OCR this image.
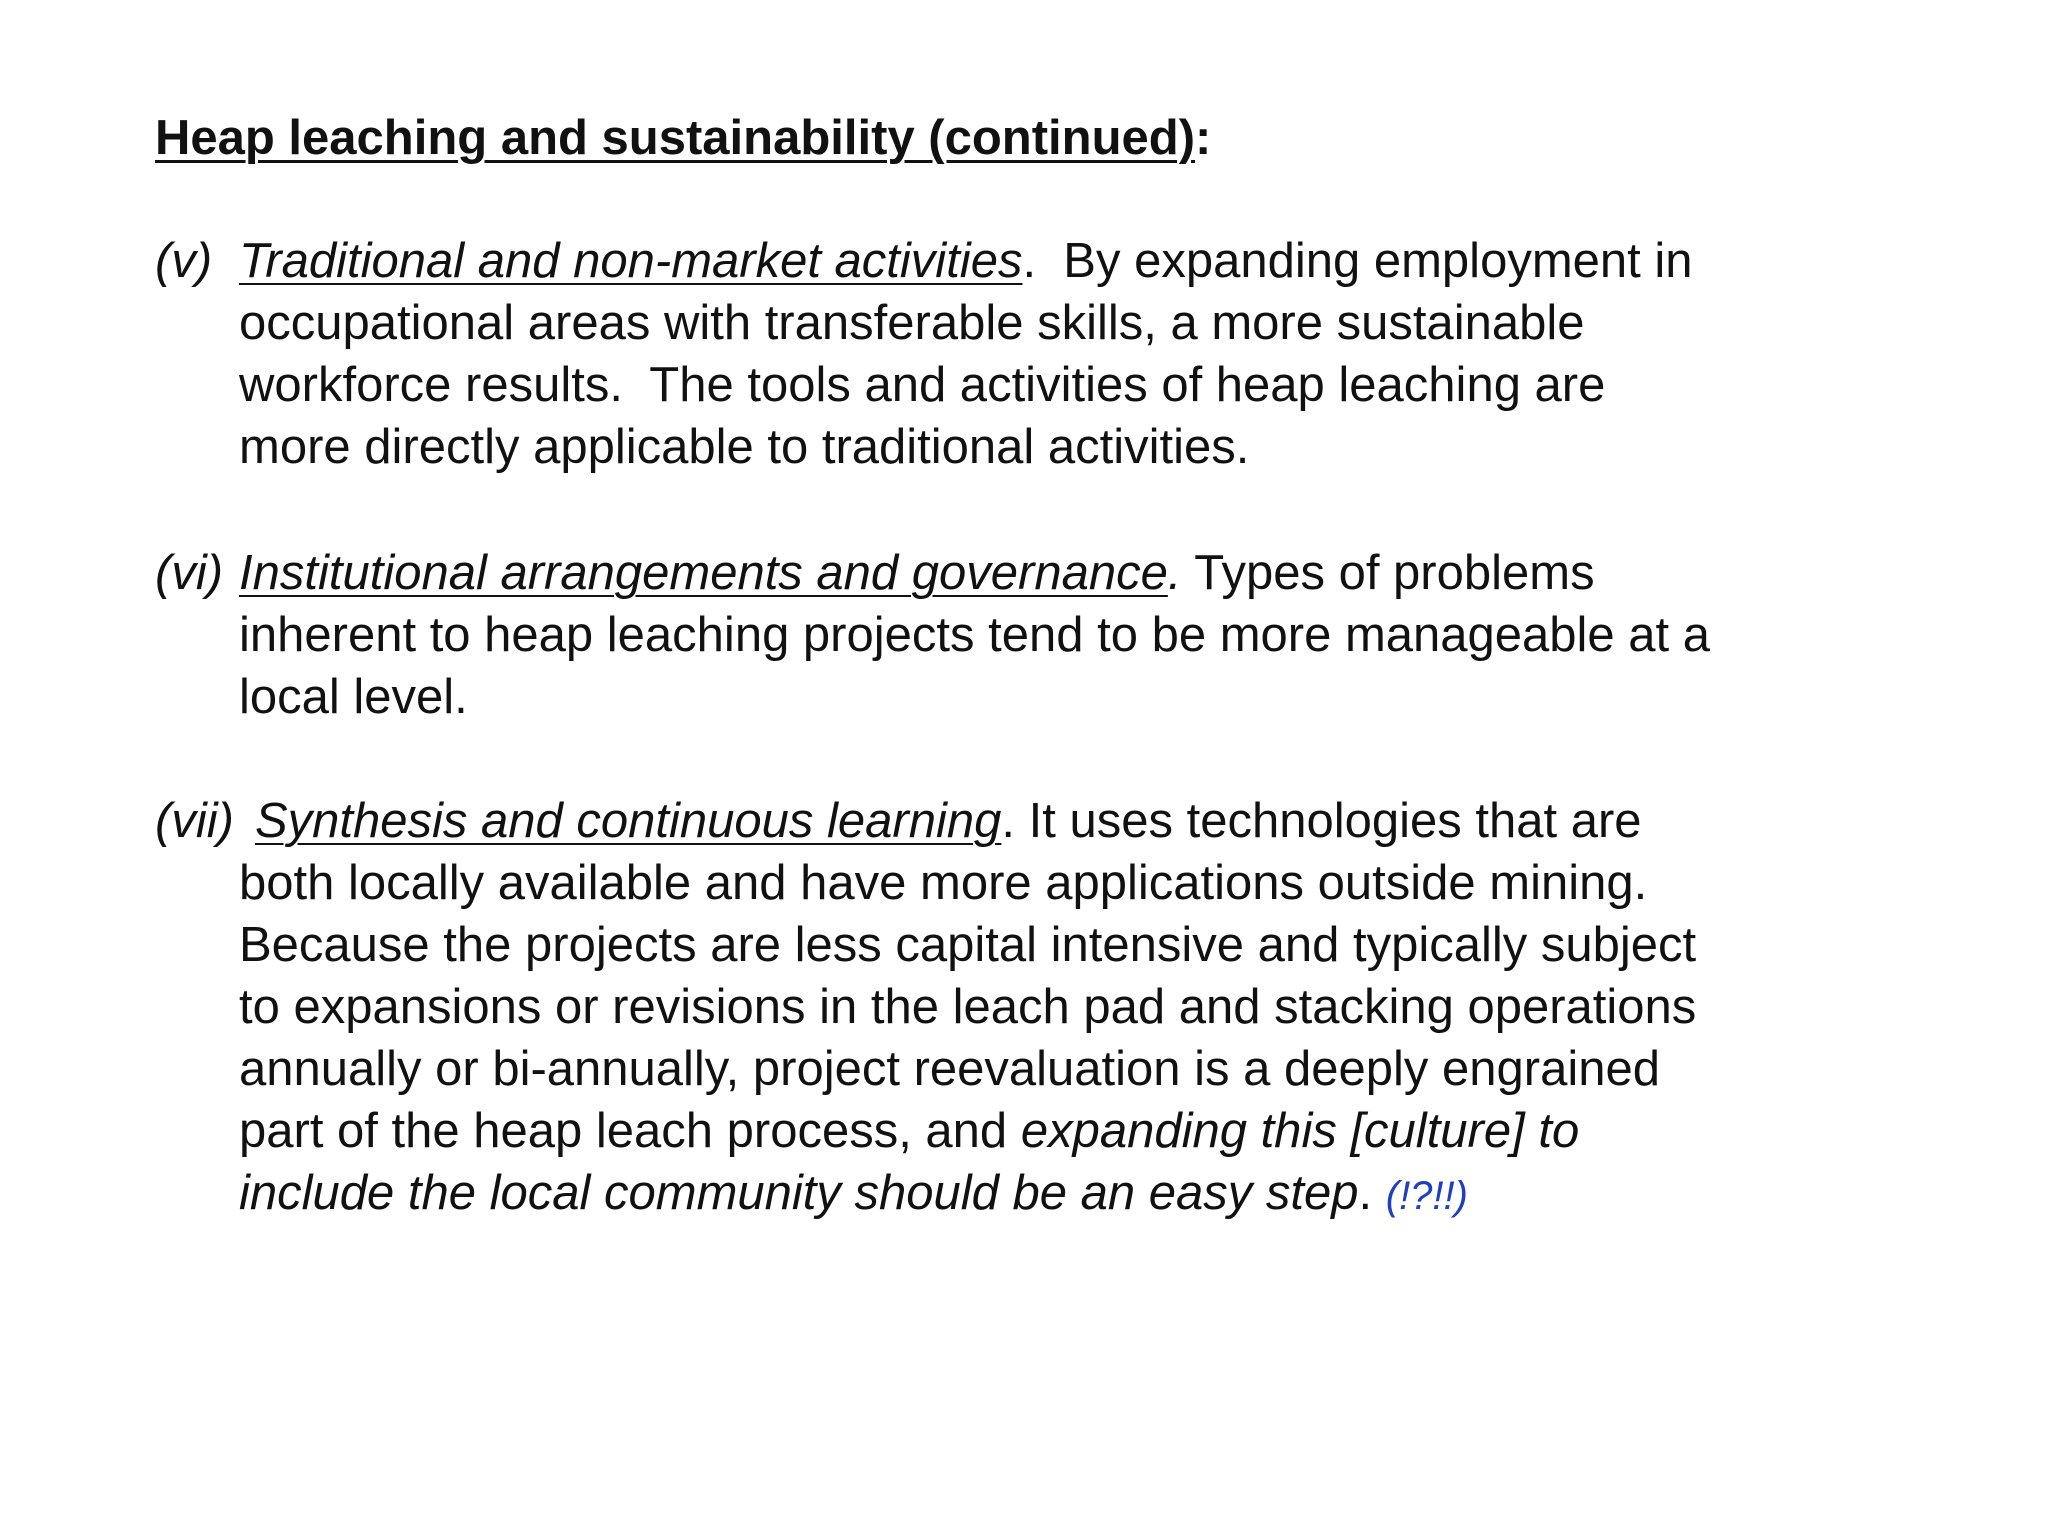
Heap leaching and sustainability (continued):
(v) Traditional and non-market activities.  By expanding employment in
occupational areas with transferable skills, a more sustainable
workforce results.  The tools and activities of heap leaching are
more directly applicable to traditional activities.
(vi) Institutional arrangements and governance. Types of problems
inherent to heap leaching projects tend to be more manageable at a
local level.
(vii) Synthesis and continuous learning. It uses technologies that are
both locally available and have more applications outside mining.
Because the projects are less capital intensive and typically subject
to expansions or revisions in the leach pad and stacking operations
annually or bi-annually, project reevaluation is a deeply engrained
part of the heap leach process, and expanding this [culture] to
include the local community should be an easy step. (!?!!)
